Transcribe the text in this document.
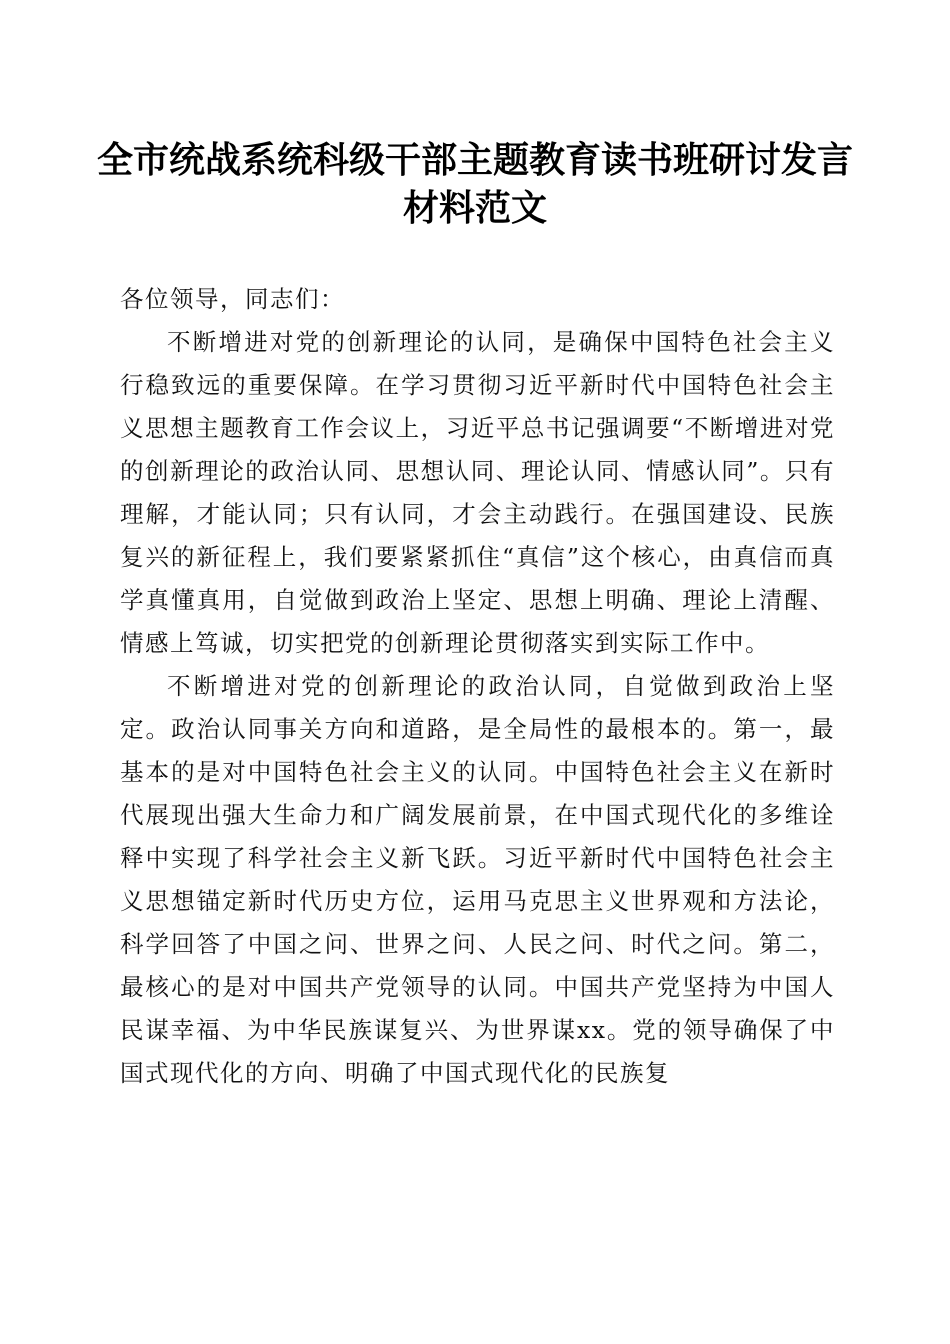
全市统战系统科级干部主题教育读书班研讨发言材料范文

各位领导，同志们：

不断增进对党的创新理论的认同，是确保中国特色社会主义行稳致远的重要保障。在学习贯彻习近平新时代中国特色社会主义思想主题教育工作会议上，习近平总书记强调要“不断增进对党的创新理论的政治认同、思想认同、理论认同、情感认同”。只有理解，才能认同；只有认同，才会主动践行。在强国建设、民族复兴的新征程上，我们要紧紧抓住“真信”这个核心，由真信而真学真懂真用，自觉做到政治上坚定、思想上明确、理论上清醒、情感上笃诚，切实把党的创新理论贯彻落实到实际工作中。

不断增进对党的创新理论的政治认同，自觉做到政治上坚定。政治认同事关方向和道路，是全局性的最根本的。第一，最基本的是对中国特色社会主义的认同。中国特色社会主义在新时代展现出强大生命力和广阔发展前景，在中国式现代化的多维诠释中实现了科学社会主义新飞跃。习近平新时代中国特色社会主义思想锚定新时代历史方位，运用马克思主义世界观和方法论，科学回答了中国之问、世界之问、人民之问、时代之问。第二，最核心的是对中国共产党领导的认同。中国共产党坚持为中国人民谋幸福、为中华民族谋复兴、为世界谋xx。党的领导确保了中国式现代化的方向、明确了中国式现代化的民族复
